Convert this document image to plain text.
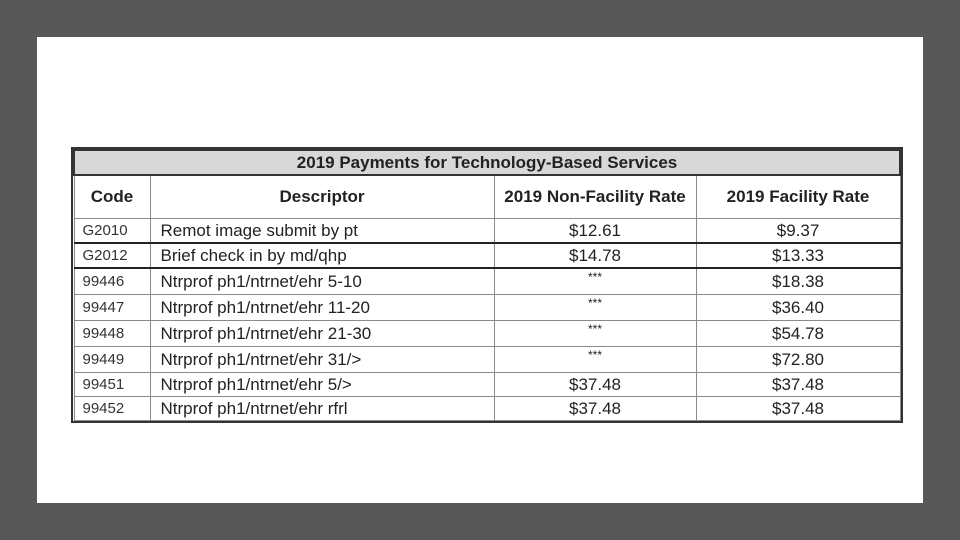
2019 Payments for Technology-Based Services			
Code	Descriptor	2019 Non-Facility Rate	2019 Facility Rate
G2010	Remot image submit by pt	$12.61	$9.37
G2012	Brief check in by md/qhp	$14.78	$13.33
99446	Ntrprof ph1/ntrnet/ehr 5-10	***	$18.38
99447	Ntrprof ph1/ntrnet/ehr 11-20	***	$36.40
99448	Ntrprof ph1/ntrnet/ehr 21-30	***	$54.78
99449	Ntrprof ph1/ntrnet/ehr 31/>	***	$72.80
99451	Ntrprof ph1/ntrnet/ehr 5/>	$37.48	$37.48
99452	Ntrprof ph1/ntrnet/ehr rfrl	$37.48	$37.48
